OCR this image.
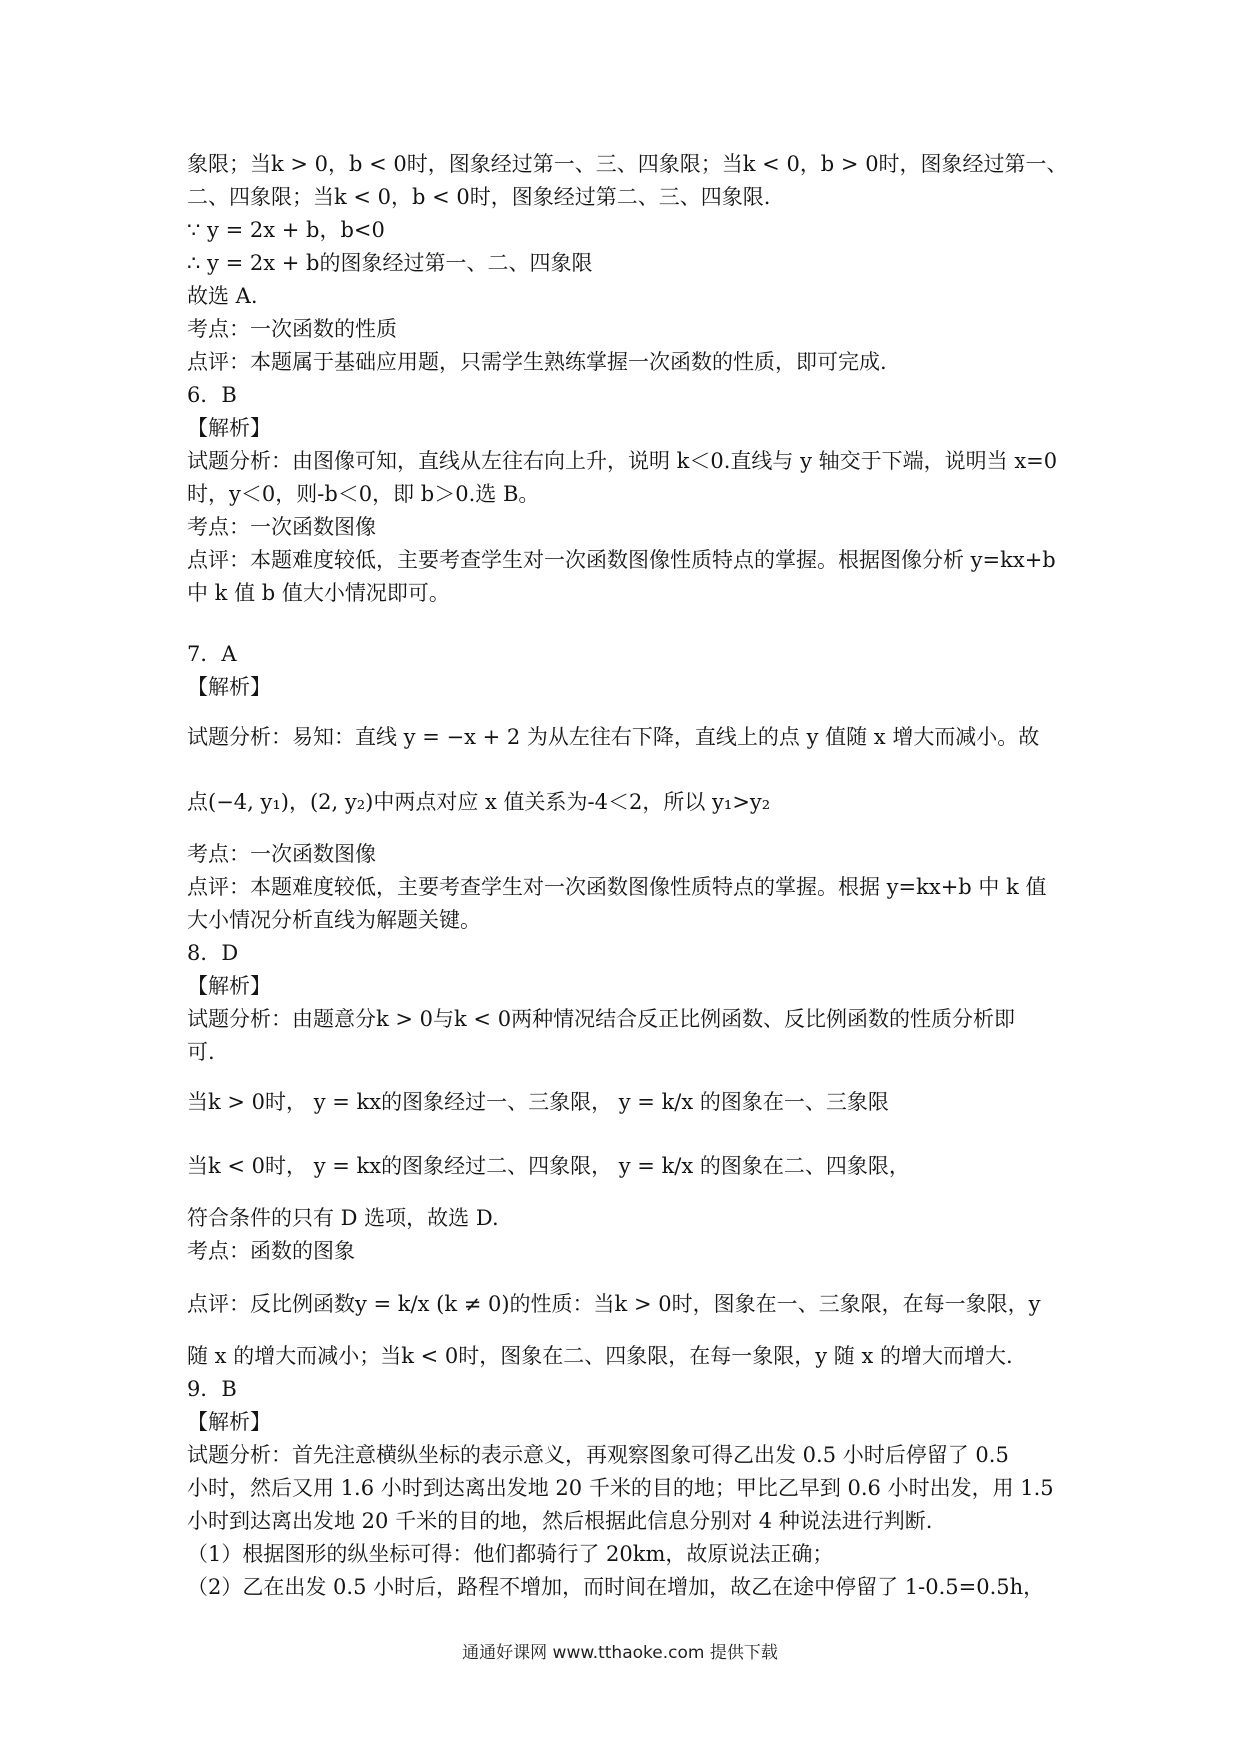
象限；当k > 0，b < 0时，图象经过第一、三、四象限；当k < 0，b > 0时，图象经过第一、
二、四象限；当k < 0，b < 0时，图象经过第二、三、四象限.
∵ y = 2x + b，b<0
∴ y = 2x + b的图象经过第一、二、四象限
故选 A.
考点：一次函数的性质
点评：本题属于基础应用题，只需学生熟练掌握一次函数的性质，即可完成.
6．B
【解析】
试题分析：由图像可知，直线从左往右向上升，说明 k＜0.直线与 y 轴交于下端，说明当 x=0
时，y＜0，则-b＜0，即 b＞0.选 B。
考点：一次函数图像
点评：本题难度较低，主要考查学生对一次函数图像性质特点的掌握。根据图像分析 y=kx+b
中 k 值 b 值大小情况即可。
7．A
【解析】
试题分析：易知：直线 y = −x + 2 为从左往右下降，直线上的点 y 值随 x 增大而减小。故
点(−4, y₁)，(2, y₂)中两点对应 x 值关系为-4＜2，所以 y₁>y₂
考点：一次函数图像
点评：本题难度较低，主要考查学生对一次函数图像性质特点的掌握。根据 y=kx+b 中 k 值
大小情况分析直线为解题关键。
8．D
【解析】
试题分析：由题意分k > 0与k < 0两种情况结合反正比例函数、反比例函数的性质分析即
可.
当k > 0时， y = kx的图象经过一、三象限， y = k/x 的图象在一、三象限
当k < 0时， y = kx的图象经过二、四象限， y = k/x 的图象在二、四象限，
符合条件的只有 D 选项，故选 D.
考点：函数的图象
点评：反比例函数y = k/x (k ≠ 0)的性质：当k > 0时，图象在一、三象限，在每一象限，y
随 x 的增大而减小；当k < 0时，图象在二、四象限，在每一象限，y 随 x 的增大而增大.
9．B
【解析】
试题分析：首先注意横纵坐标的表示意义，再观察图象可得乙出发 0.5 小时后停留了 0.5
小时，然后又用 1.6 小时到达离出发地 20 千米的目的地；甲比乙早到 0.6 小时出发，用 1.5
小时到达离出发地 20 千米的目的地，然后根据此信息分别对 4 种说法进行判断.
（1）根据图形的纵坐标可得：他们都骑行了 20km，故原说法正确；
（2）乙在出发 0.5 小时后，路程不增加，而时间在增加，故乙在途中停留了 1-0.5=0.5h，
通通好课网 www.tthaoke.com 提供下载
